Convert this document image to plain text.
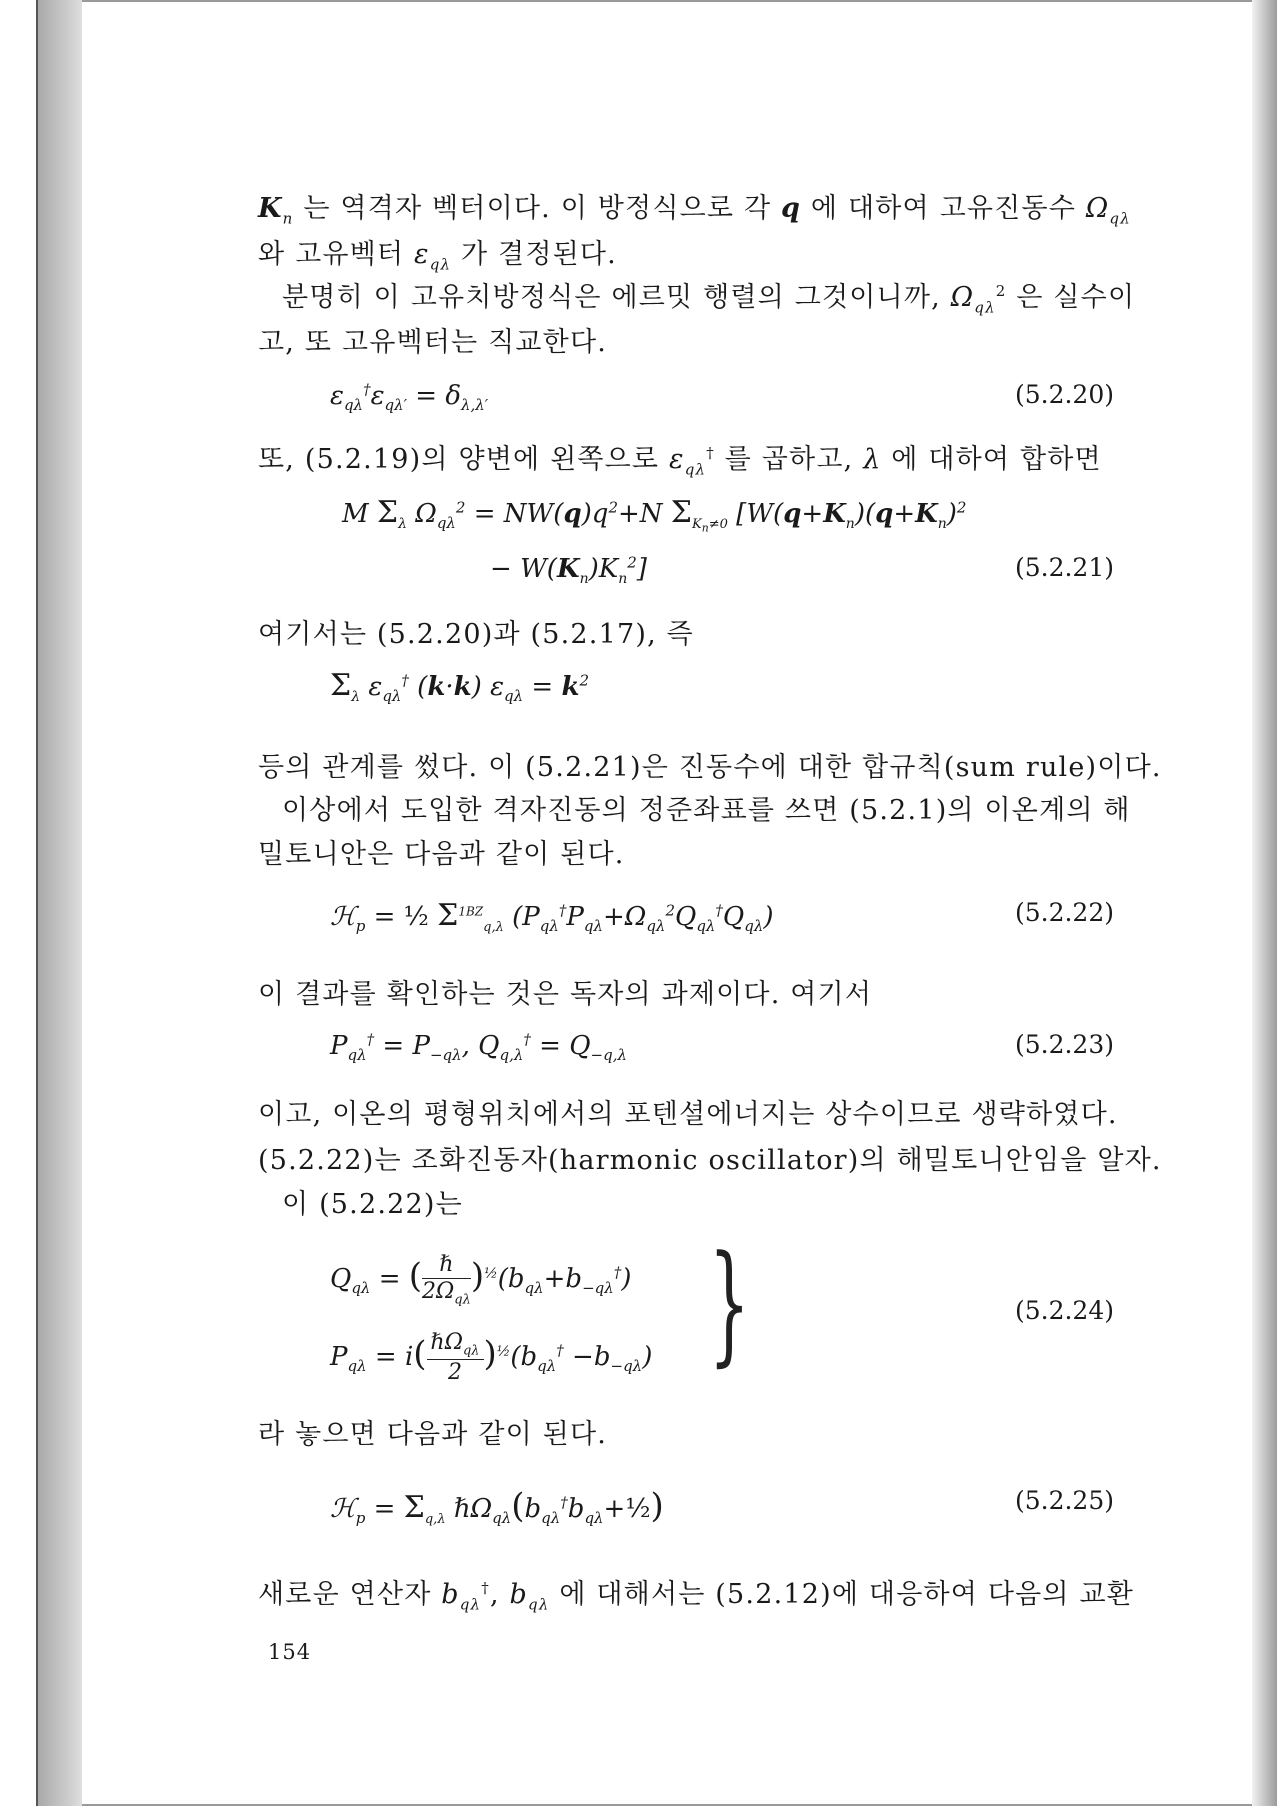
$K_n$ 는 역격자 벡터이다. 이 방정식으로 각 q 에 대하여 고유진동수 $\Omega_{q\lambda}$
와 고유벡터 $\varepsilon_{q\lambda}$ 가 결정된다.
분명히 이 고유치방정식은 에르밋 행렬의 그것이니까, $\Omega_{q\lambda}^2$ 은 실수이
고, 또 고유벡터는 직교한다.
$\varepsilon_{q\lambda}^\dagger\varepsilon_{q\lambda'} = \delta_{\lambda,\lambda'}$	(5.2.20)
또, (5.2.19)의 양변에 왼쪽으로 $\varepsilon_{q\lambda}^\dagger$ 를 곱하고, λ 에 대하여 합하면
M $\Sigma_\lambda$ $\Omega_{q\lambda}^2 = NW(q)q^2+N$ $\Sigma_{K_n\ne 0}$ [$W(q+K_n)(q+K_n)^2$
− $W(K_n)K_n^2$]	(5.2.21)
여기서는 (5.2.20)과 (5.2.17), 즉
$\Sigma_\lambda$ $\varepsilon_{q\lambda}^\dagger$ (k·k) $\varepsilon_{q\lambda} = k^2$
등의 관계를 썼다. 이 (5.2.21)은 진동수에 대한 합규칙(sum rule)이다.
이상에서 도입한 격자진동의 정준좌표를 쓰면 (5.2.1)의 이온계의 해
밀토니안은 다음과 같이 된다.
ℋ$_p$ = ½ $\Sigma^{1BZ}_{q,\lambda}$ $(P_{q\lambda}^\dagger P_{q\lambda}+\Omega_{q\lambda}^2Q_{q\lambda}^\dagger Q_{q\lambda})$	(5.2.22)
이 결과를 확인하는 것은 독자의 과제이다. 여기서
$P_{q\lambda}^\dagger = P_{-q\lambda}$, $Q_{q,\lambda}^\dagger = Q_{-q,\lambda}$	(5.2.23)
이고, 이온의 평형위치에서의 포텐셜에너지는 상수이므로 생략하였다.
(5.2.22)는 조화진동자(harmonic oscillator)의 해밀토니안임을 알자.
이 (5.2.22)는
$Q_{q\lambda}$ = ( ℏ
$2\Omega_{q\lambda}$
)$^{\frac{1}{2}}(b_{q\lambda}+b_{-q\lambda}^\dagger)$
$P_{q\lambda} = i$( ℏΩ$_{q\lambda}$
2 )$^{\frac{1}{2}}(b_{q\lambda}^\dagger -b_{-q\lambda})$ }	(5.2.24)
라 놓으면 다음과 같이 된다.
ℋ$_p$ = $\Sigma_{q,\lambda}$ $\hbar\Omega_{q\lambda}(b_{q\lambda}^\dagger b_{q\lambda}+\frac{1}{2})$	(5.2.25)
새로운 연산자 $b_{q\lambda}^\dagger$, $b_{q\lambda}$ 에 대해서는 (5.2.12)에 대응하여 다음의 교환
154
